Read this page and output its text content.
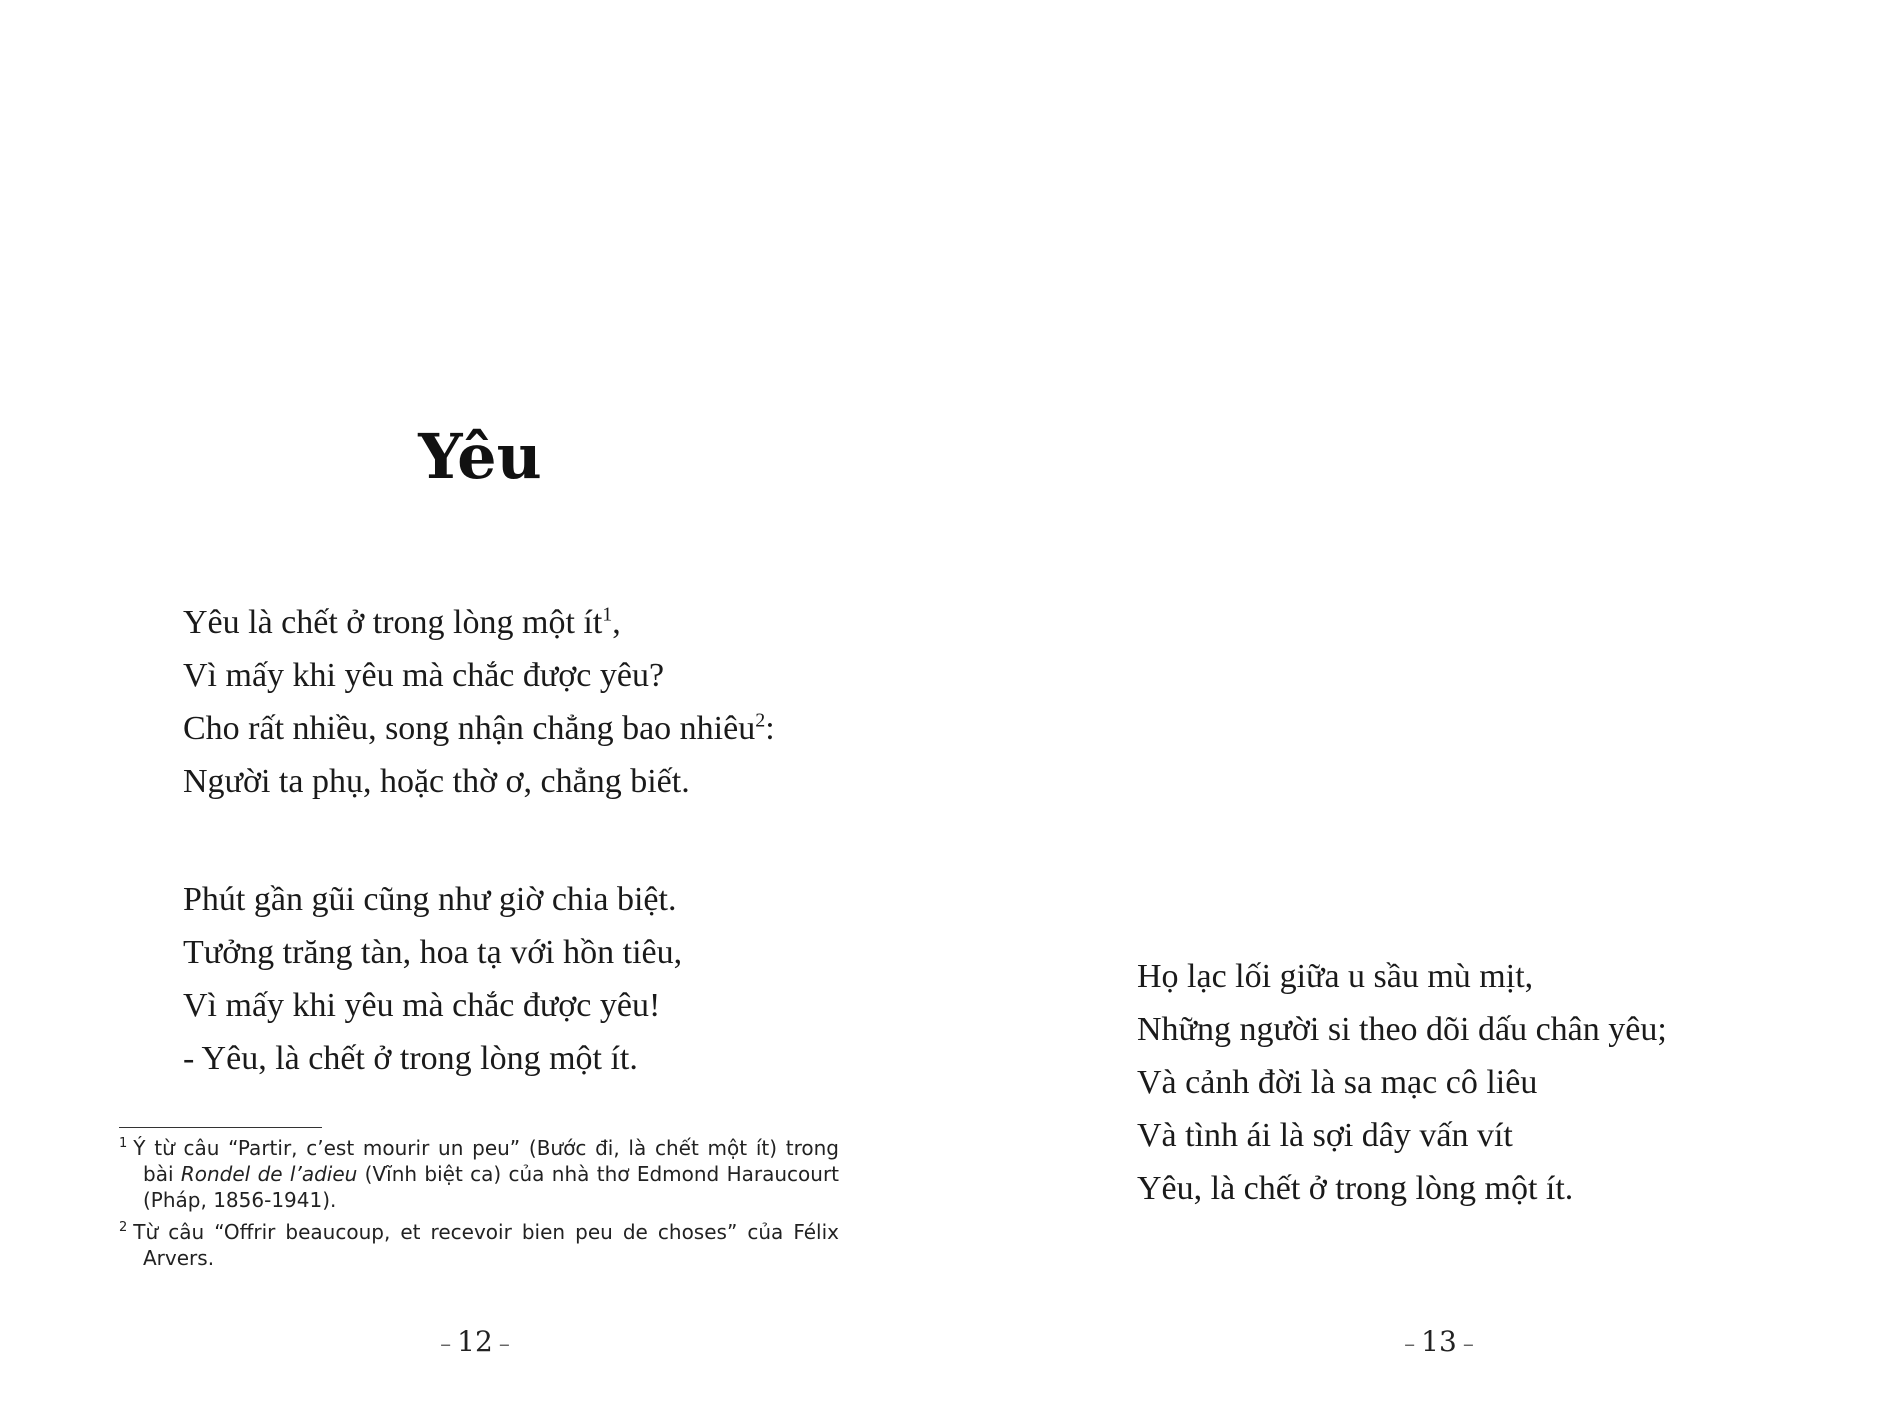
Yêu
Yêu là chết ở trong lòng một $ít^1$,
Vì mấy khi yêu mà chắc được yêu?
Cho rất nhiều, song nhận chẳng bao nhiêu$^2$:
Người ta phụ, hoặc thờ ơ, chẳng biết.
Phút gần gũi cũng như giờ chia biệt.
Tưởng trăng tàn, hoa tạ với hồn tiêu,
Vì mấy khi yêu mà chắc được yêu!
- Yêu, là chết ở trong lòng một ít.
$^1$ Ý từ câu “Partir, c’est mourir un peu” (Bước đi, là chết một ít) trong bài Rondel de l’adieu (Vĩnh biệt ca) của nhà thơ Edmond Haraucourt (Pháp, 1856-1941).
$^2$ Từ câu “Offrir beaucoup, et recevoir bien peu de choses” của Félix Arvers.
– 12 –
Họ lạc lối giữa u sầu mù mịt,
Những người si theo dõi dấu chân yêu;
Và cảnh đời là sa mạc cô liêu
Và tình ái là sợi dây vấn vít
Yêu, là chết ở trong lòng một ít.
– 13 –
